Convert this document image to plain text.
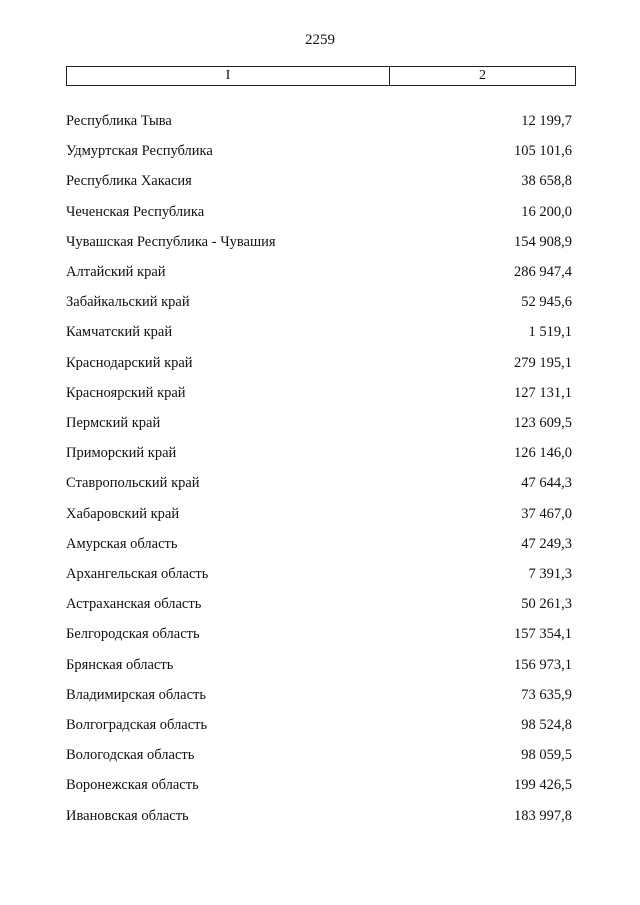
2259
I	2
Республика Тыва	12 199,7
Удмуртская Республика	105 101,6
Республика Хакасия	38 658,8
Чеченская Республика	16 200,0
Чувашская Республика - Чувашия	154 908,9
Алтайский край	286 947,4
Забайкальский край	52 945,6
Камчатский край	1 519,1
Краснодарский край	279 195,1
Красноярский край	127 131,1
Пермский край	123 609,5
Приморский край	126 146,0
Ставропольский край	47 644,3
Хабаровский край	37 467,0
Амурская область	47 249,3
Архангельская область	7 391,3
Астраханская область	50 261,3
Белгородская область	157 354,1
Брянская область	156 973,1
Владимирская область	73 635,9
Волгоградская область	98 524,8
Вологодская область	98 059,5
Воронежская область	199 426,5
Ивановская область	183 997,8
